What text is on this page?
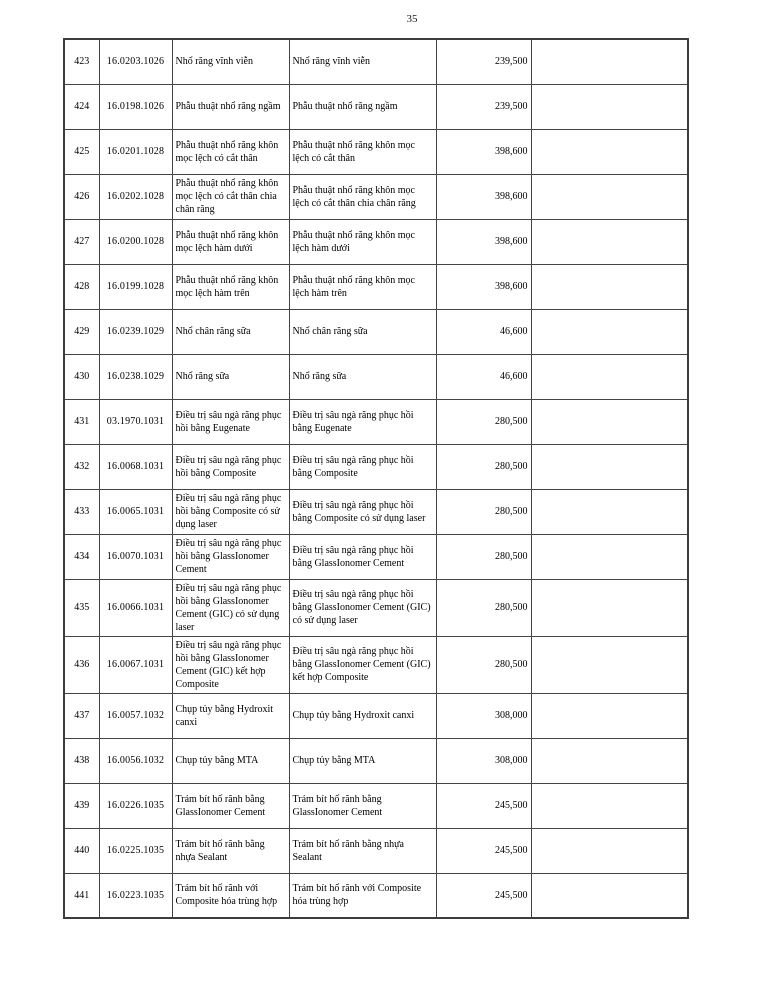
35
423	16.0203.1026	Nhổ răng vĩnh viễn	Nhổ răng vĩnh viễn	239,500	
424	16.0198.1026	Phẫu thuật nhổ răng ngầm	Phẫu thuật nhổ răng ngầm	239,500	
425	16.0201.1028	Phẫu thuật nhổ răng khôn mọc lệch có cắt thân	Phẫu thuật nhổ răng khôn mọc lệch có cắt thân	398,600	
426	16.0202.1028	Phẫu thuật nhổ răng khôn mọc lệch có cắt thân chia chân răng	Phẫu thuật nhổ răng khôn mọc lệch có cắt thân chia chân răng	398,600	
427	16.0200.1028	Phẫu thuật nhổ răng khôn mọc lệch hàm dưới	Phẫu thuật nhổ răng khôn mọc lệch hàm dưới	398,600	
428	16.0199.1028	Phẫu thuật nhổ răng khôn mọc lệch hàm trên	Phẫu thuật nhổ răng khôn mọc lệch hàm trên	398,600	
429	16.0239.1029	Nhổ chân răng sữa	Nhổ chân răng sữa	46,600	
430	16.0238.1029	Nhổ răng sữa	Nhổ răng sữa	46,600	
431	03.1970.1031	Điều trị sâu ngà răng phục hồi bằng Eugenate	Điều trị sâu ngà răng phục hồi bằng Eugenate	280,500	
432	16.0068.1031	Điều trị sâu ngà răng phục hồi bằng Composite	Điều trị sâu ngà răng phục hồi bằng Composite	280,500	
433	16.0065.1031	Điều trị sâu ngà răng phục hồi bằng Composite có sử dụng laser	Điều trị sâu ngà răng phục hồi bằng Composite có sử dụng laser	280,500	
434	16.0070.1031	Điều trị sâu ngà răng phục hồi bằng GlassIonomer Cement	Điều trị sâu ngà răng phục hồi bằng GlassIonomer Cement	280,500	
435	16.0066.1031	Điều trị sâu ngà răng phục hồi bằng GlassIonomer Cement (GIC) có sử dụng laser	Điều trị sâu ngà răng phục hồi bằng GlassIonomer Cement (GIC) có sử dụng laser	280,500	
436	16.0067.1031	Điều trị sâu ngà răng phục hồi bằng GlassIonomer Cement (GIC) kết hợp Composite	Điều trị sâu ngà răng phục hồi bằng GlassIonomer Cement (GIC) kết hợp Composite	280,500	
437	16.0057.1032	Chụp tủy bằng Hydroxit canxi	Chụp tủy bằng Hydroxit canxi	308,000	
438	16.0056.1032	Chụp tủy bằng MTA	Chụp tủy bằng MTA	308,000	
439	16.0226.1035	Trám bít hố rãnh bằng GlassIonomer Cement	Trám bít hố rãnh bằng GlassIonomer Cement	245,500	
440	16.0225.1035	Trám bít hố rãnh bằng nhựa Sealant	Trám bít hố rãnh bằng nhựa Sealant	245,500	
441	16.0223.1035	Trám bít hố rãnh với Composite hóa trùng hợp	Trám bít hố rãnh với Composite hóa trùng hợp	245,500	
